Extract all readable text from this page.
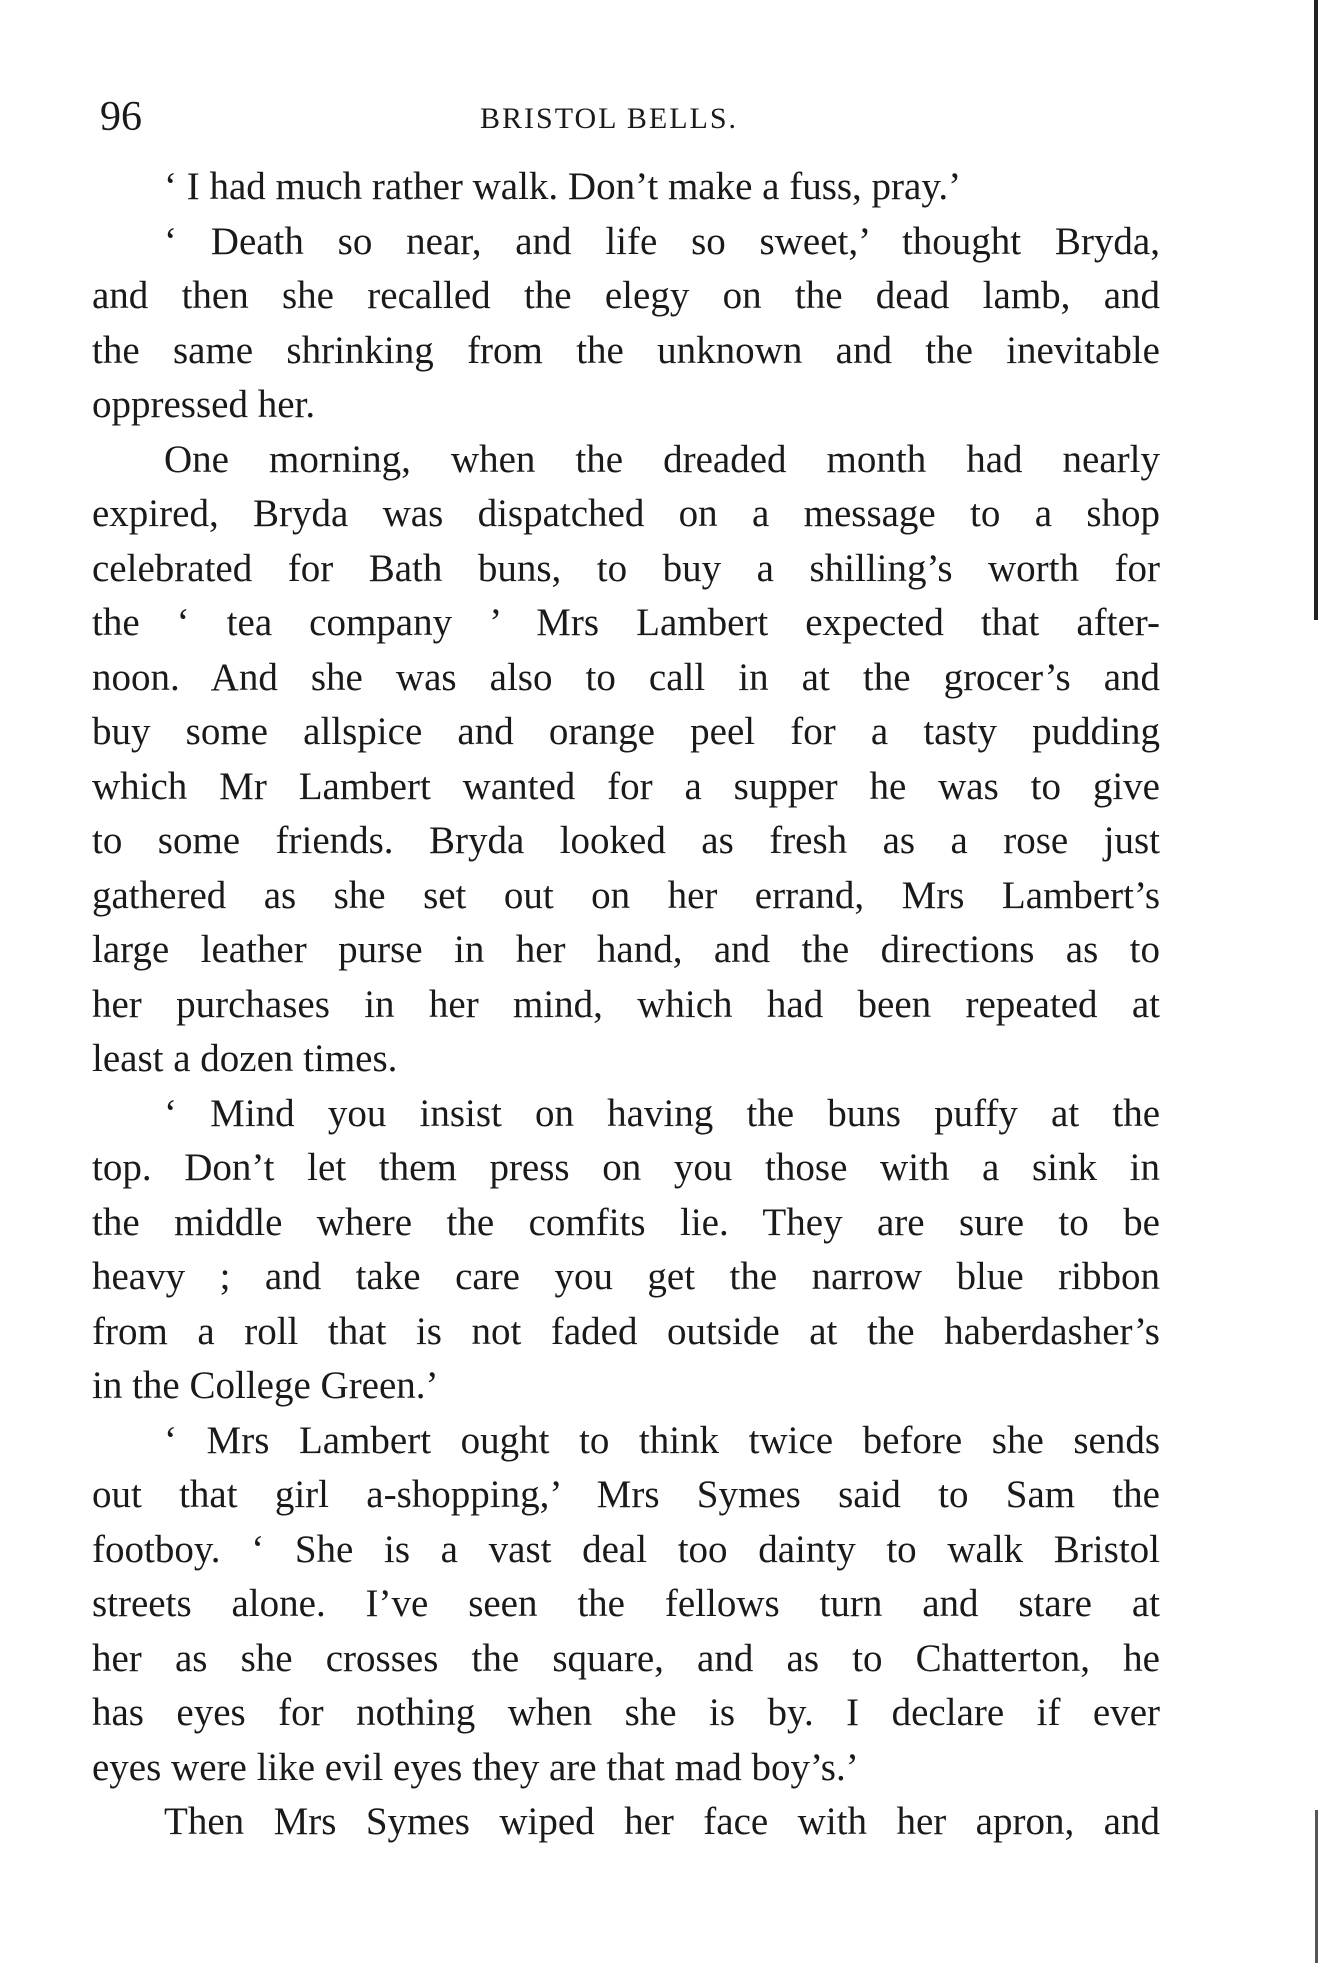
96	BRISTOL BELLS.

‘ I had much rather walk. Don’t make a fuss, pray.’

‘ Death so near, and life so sweet,’ thought Bryda,
and then she recalled the elegy on the dead lamb, and
the same shrinking from the unknown and the inevitable
oppressed her.

One morning, when the dreaded month had nearly
expired, Bryda was dispatched on a message to a shop
celebrated for Bath buns, to buy a shilling’s worth for
the ‘ tea company ’ Mrs Lambert expected that after-
noon. And she was also to call in at the grocer’s and
buy some allspice and orange peel for a tasty pudding
which Mr Lambert wanted for a supper he was to give
to some friends. Bryda looked as fresh as a rose just
gathered as she set out on her errand, Mrs Lambert’s
large leather purse in her hand, and the directions as to
her purchases in her mind, which had been repeated at
least a dozen times.

‘ Mind you insist on having the buns puffy at the
top. Don’t let them press on you those with a sink in
the middle where the comfits lie. They are sure to be
heavy ; and take care you get the narrow blue ribbon
from a roll that is not faded outside at the haberdasher’s
in the College Green.’

‘ Mrs Lambert ought to think twice before she sends
out that girl a-shopping,’ Mrs Symes said to Sam the
footboy. ‘ She is a vast deal too dainty to walk Bristol
streets alone. I’ve seen the fellows turn and stare at
her as she crosses the square, and as to Chatterton, he
has eyes for nothing when she is by. I declare if ever
eyes were like evil eyes they are that mad boy’s.’

Then Mrs Symes wiped her face with her apron, and
